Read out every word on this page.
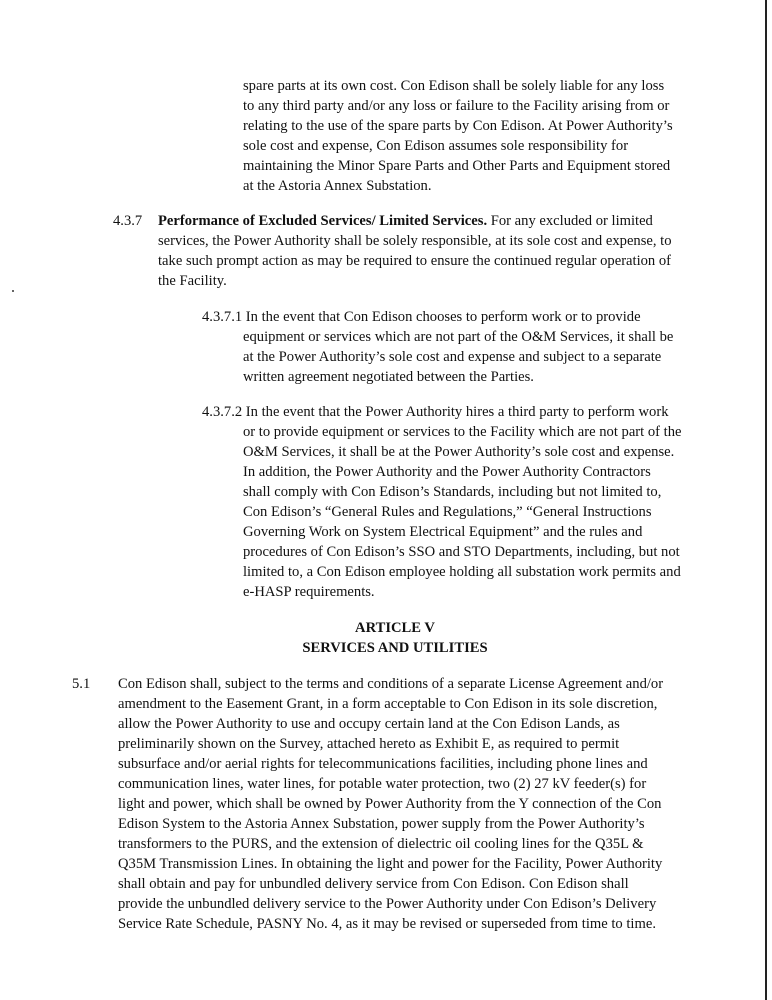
spare parts at its own cost. Con Edison shall be solely liable for any loss
to any third party and/or any loss or failure to the Facility arising from or
relating to the use of the spare parts by Con Edison. At Power Authority’s
sole cost and expense, Con Edison assumes sole responsibility for
maintaining the Minor Spare Parts and Other Parts and Equipment stored
at the Astoria Annex Substation.
4.3.7 Performance of Excluded Services/ Limited Services. For any excluded or limited
services, the Power Authority shall be solely responsible, at its sole cost and expense, to
take such prompt action as may be required to ensure the continued regular operation of
the Facility.
4.3.7.1 In the event that Con Edison chooses to perform work or to provide
equipment or services which are not part of the O&M Services, it shall be
at the Power Authority’s sole cost and expense and subject to a separate
written agreement negotiated between the Parties.
4.3.7.2 In the event that the Power Authority hires a third party to perform work
or to provide equipment or services to the Facility which are not part of the
O&M Services, it shall be at the Power Authority’s sole cost and expense.
In addition, the Power Authority and the Power Authority Contractors
shall comply with Con Edison’s Standards, including but not limited to,
Con Edison’s “General Rules and Regulations,” “General Instructions
Governing Work on System Electrical Equipment” and the rules and
procedures of Con Edison’s SSO and STO Departments, including, but not
limited to, a Con Edison employee holding all substation work permits and
e-HASP requirements.
ARTICLE V
SERVICES AND UTILITIES
5.1 Con Edison shall, subject to the terms and conditions of a separate License Agreement and/or
amendment to the Easement Grant, in a form acceptable to Con Edison in its sole discretion,
allow the Power Authority to use and occupy certain land at the Con Edison Lands, as
preliminarily shown on the Survey, attached hereto as Exhibit E, as required to permit
subsurface and/or aerial rights for telecommunications facilities, including phone lines and
communication lines, water lines, for potable water protection, two (2) 27 kV feeder(s) for
light and power, which shall be owned by Power Authority from the Y connection of the Con
Edison System to the Astoria Annex Substation, power supply from the Power Authority’s
transformers to the PURS, and the extension of dielectric oil cooling lines for the Q35L &
Q35M Transmission Lines. In obtaining the light and power for the Facility, Power Authority
shall obtain and pay for unbundled delivery service from Con Edison. Con Edison shall
provide the unbundled delivery service to the Power Authority under Con Edison’s Delivery
Service Rate Schedule, PASNY No. 4, as it may be revised or superseded from time to time.
